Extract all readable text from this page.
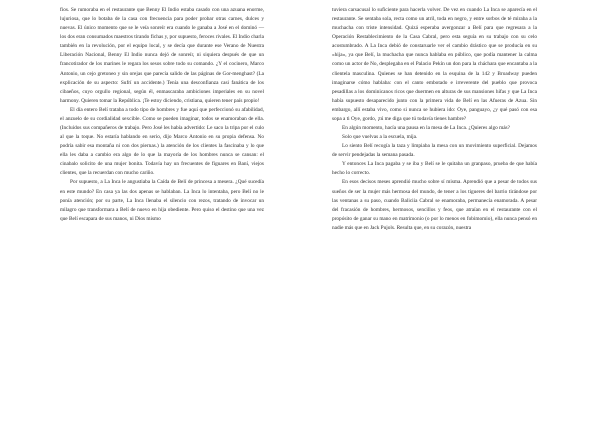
fios. Se rumoraba en el restaurante que Benny El Indio estaba casado con una azuana enorme, lujuriosa, que lo botaba de la casa con frecuencia para poder probar otras carnes, dulces y nuevas. El único momento que se le veía sonreír era cuando le ganaba a José en el dominó —los dos eran consumados maestros tirando fichas y, por supuesto, feroces rivales. El Indio charla también en la revolución, por el equipo local, y se decía que durante ese Verano de Nuestra Liberación Nacional, Benny El Indio nunca dejó de sonreír, ni siquiera después de que un francotirador de los marines le regara los sesos sobre todo su comando. ¿Y el cocinero, Marco Antonio, un cejo gretoneo y sin orejas que parecía salido de las páginas de Gor-menghast? (La explicación de su aspecto: Sufrí un accidente.) Tenía una desconfianza casi fanática de los cibaeños, cuyo orgullo regional, según él, enmascaraba ambiciones imperiales en su novel harmony. Quieren tomar la República. ¡Te estoy diciendo, cristiana, quieren tener país propio!

El día entero Belí trataba a todo tipo de hombres y fue aquí que perfeccionó su afabilidad, el anzuelo de su cordialidad sexcible. Como se pueden imaginar, todos se enamoraban de ella. (Incluidos sus compañeros de trabajo. Pero José les había advertido: Le saco la tripa por el culo al que la toque. No estaría hablando en serio, dijo Marco Antonio en su propia defensa. No podría sabir esa montaña ni con dos piernas.) la atención de los clientes la fascinaba y lo que ella les daba a cambio era algo de lo que la mayoría de los hombres nunca se cansan: el cinabalo solicito de una mujer bonita. Todavía hay un frecuentes de figuares en Baní, viejos clientes, que la recuerdan con mucho cariño.

Por supuesto, a La Inca le angustiaba la Caída de Belí de princesa a mesera. ¿Qué sucedía en este mundo? En casa ya las dos apenas se hablaban. La Inca lo intentaba, pero Belí no le ponía atención; por su parte, La Inca llenaba el silencio con rezos, tratando de invocar un milagro que transformara a Belí de nuevo en hija obediente. Pero quiso el destino que una vez que Belí escapara de sus manos, ni Dios mismo

tuviera carsacusal lo suficiente para hacerla volver. De vez en cuando La Inca se aparecía en el restaurante. Se sentaba sola, recta como un atril, toda en negro, y entre sorbos de té miraba a la muchacha con triste intensidad. Quizá esperaba avergonzar a Belí para que regresara a la Operación Restablecimiento de la Casa Cabral, pero esta seguía en su trabajo con su celo acostumbrado. A La Inca debió de constaruarle ver el cambio drástico que se producía en su «hija», ya que Belí, la muchacha que nunca hablaba en público, que podía mantener la calma como un actor de No, desplegaba en el Palacio Pekín un don para la cháchara que encantaba a la clientela masculina. Quienes se han detenido en la esquina de la 142 y Broadway pueden imaginarse cómo hablaba: con el canto embotado e irreverente del pueblo que provoca pesadillas a los dominicanos ricos que duermen en alturas de sus mansiones hifas y que La Inca había supuesto desaparecido junto con la primera vida de Belí en las Afueras de Azua. Sin embargo, allí estaba vivo, como si nunca se hubiera ido: Oye, panguayo, ¿y qué pasó con esa sopa a ti Oye, gordo, ¡tú me diga que tú todavía tienes hambre?

En algún momento, hacía una pausa en la mesa de La Inca. ¿Quieres algo más?

Solo que vuelvas a la escuela, mija.

Lo siento Belí recogía la taza y limpiaba la mesa con un movimiento superficial. Dejamos de servir pendejadas la semana pasada.

Y entonces La Inca pagaba y se iba y Belí se le quitaba un granpaso, prueba de que había hecho lo correcto.

En esos decisos meses aprendió mucho sobre sí misma. Aprendió que a pesar de todos sus sueños de ser la mujer más hermosa del mundo, de tener a los tigueres del barrio tirándose por las ventanas a su paso, cuando Baliciia Cabral se enamoraba, permanecía enamorada. A pesar del fracasión de hombres, hermosos, sencillos y feos, que atraían en el restaurante con el propósito de ganar su mano en matrimonio (o por lo menos en fobimomio), ella nunca pensó en nadie más que en Jack Pujols. Resulta que, en su corazón, nuestra
